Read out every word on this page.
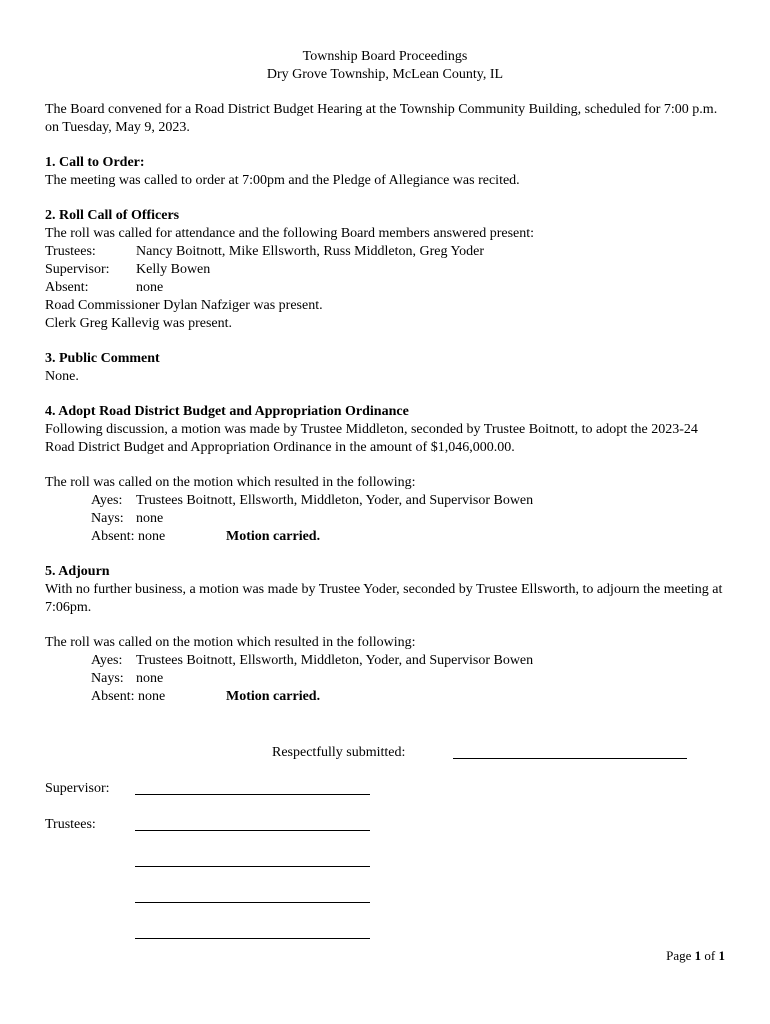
Township Board Proceedings
Dry Grove Township, McLean County, IL

The Board convened for a Road District Budget Hearing at the Township Community Building, scheduled for 7:00 p.m. on Tuesday, May 9, 2023.

1. Call to Order:

The meeting was called to order at 7:00pm and the Pledge of Allegiance was recited.

2. Roll Call of Officers

The roll was called for attendance and the following Board members answered present:

Trustees:	Nancy Boitnott, Mike Ellsworth, Russ Middleton, Greg Yoder
Supervisor:	Kelly Bowen
Absent:	none

Road Commissioner Dylan Nafziger was present.

Clerk Greg Kallevig was present.

3. Public Comment

None.

4. Adopt Road District Budget and Appropriation Ordinance

Following discussion, a motion was made by Trustee Middleton, seconded by Trustee Boitnott, to adopt the 2023-24 Road District Budget and Appropriation Ordinance in the amount of $1,046,000.00.

The roll was called on the motion which resulted in the following:

Ayes: Trustees Boitnott, Ellsworth, Middleton, Yoder, and Supervisor Bowen
Nays: none
Absent: none	Motion carried.

5. Adjourn

With no further business, a motion was made by Trustee Yoder, seconded by Trustee Ellsworth, to adjourn the meeting at 7:06pm.

The roll was called on the motion which resulted in the following:

Ayes: Trustees Boitnott, Ellsworth, Middleton, Yoder, and Supervisor Bowen
Nays: none
Absent: none	Motion carried.
Respectfully submitted:
Supervisor:
Trustees:
Page 1 of 1
